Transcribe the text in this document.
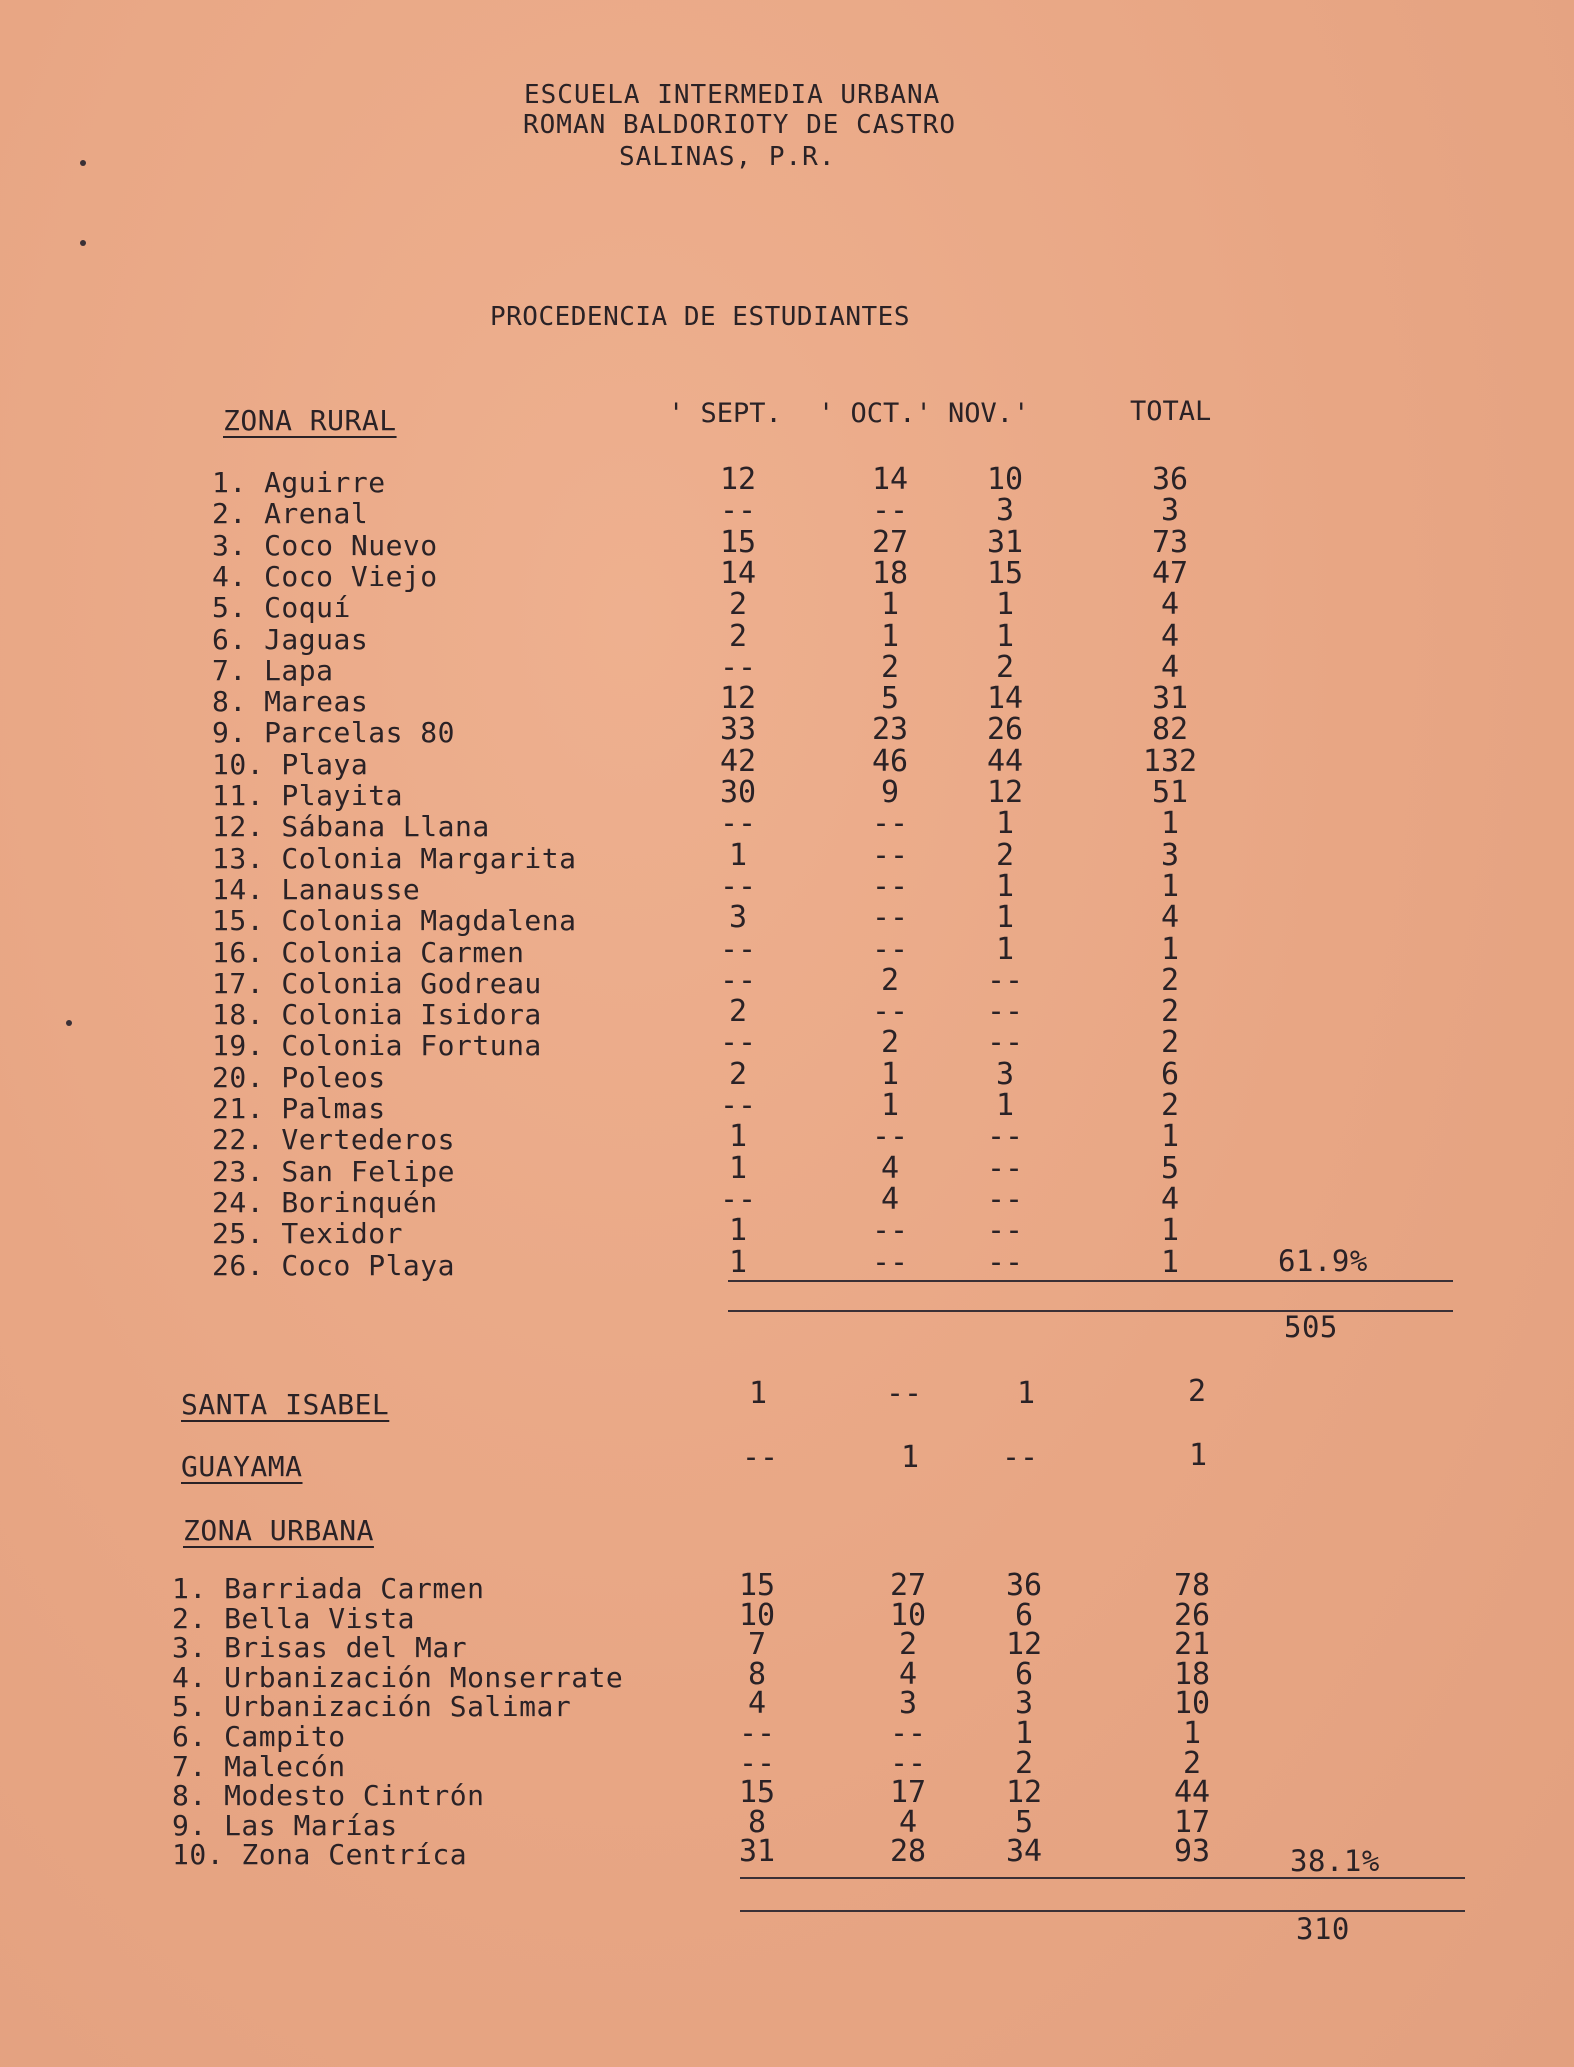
ESCUELA INTERMEDIA URBANA
ROMAN BALDORIOTY DE CASTRO
SALINAS, P.R.
PROCEDENCIA DE ESTUDIANTES
' SEPT. ' OCT.' NOV.'	TOTAL
ZONA RURAL
1. Aguirre	12	14	10	36
2. Arenal	--	--	3	3
3. Coco Nuevo	15	27	31	73
4. Coco Viejo	14	18	15	47
5. Coquí	2	1	1	4
6. Jaguas	2	1	1	4
7. Lapa	--	2	2	4
8. Mareas	12	5	14	31
9. Parcelas 80	33	23	26	82
10. Playa	42	46	44	132
11. Playita	30	9	12	51
12. Sábana Llana	--	--	1	1
13. Colonia Margarita	1	--	2	3
14. Lanausse	--	--	1	1
15. Colonia Magdalena	3	--	1	4
16. Colonia Carmen	--	--	1	1
17. Colonia Godreau	--	2	--	2
18. Colonia Isidora	2	--	--	2
19. Colonia Fortuna	--	2	--	2
20. Poleos	2	1	3	6
21. Palmas	--	1	1	2
22. Vertederos	1	--	--	1
23. San Felipe	1	4	--	5
24. Borinquén	--	4	--	4
25. Texidor	1	--	--	1
26. Coco Playa	1	--	--	1	61.9%
505
SANTA ISABEL	1	--	1	2
GUAYAMA	--	1	--	1
ZONA URBANA
1. Barriada Carmen	15	27	36	78
2. Bella Vista	10	10	6	26
3. Brisas del Mar	7	2	12	21
4. Urbanización Monserrate	8	4	6	18
5. Urbanización Salimar	4	3	3	10
6. Campito	--	--	1	1
7. Malecón	--	--	2	2
8. Modesto Cintrón	15	17	12	44
9. Las Marías	8	4	5	17
10. Zona Centríca	31	28	34	93	38.1%
310
